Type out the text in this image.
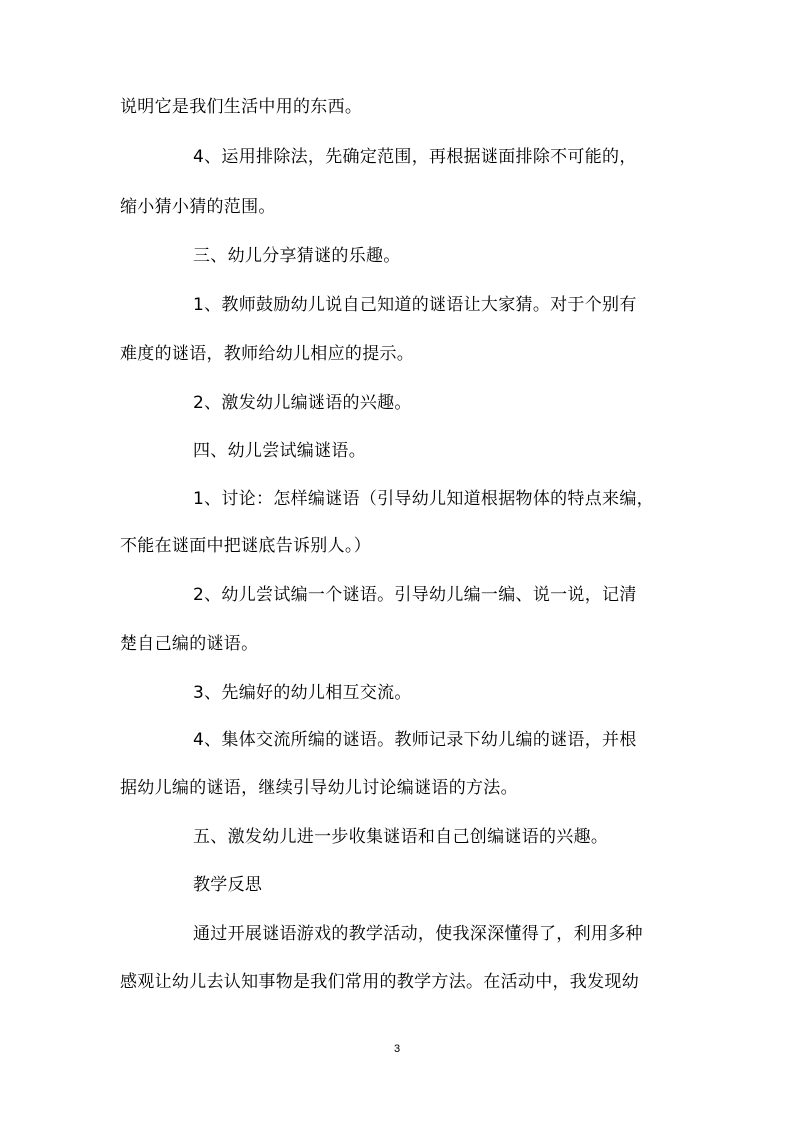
说明它是我们生活中用的东西。
4、运用排除法，先确定范围，再根据谜面排除不可能的，
缩小猜小猜的范围。
三、幼儿分享猜谜的乐趣。
1、教师鼓励幼儿说自己知道的谜语让大家猜。对于个别有
难度的谜语，教师给幼儿相应的提示。
2、激发幼儿编谜语的兴趣。
四、幼儿尝试编谜语。
1、讨论：怎样编谜语（引导幼儿知道根据物体的特点来编，
不能在谜面中把谜底告诉别人。）
2、幼儿尝试编一个谜语。引导幼儿编一编、说一说，记清
楚自己编的谜语。
3、先编好的幼儿相互交流。
4、集体交流所编的谜语。教师记录下幼儿编的谜语，并根
据幼儿编的谜语，继续引导幼儿讨论编谜语的方法。
五、激发幼儿进一步收集谜语和自己创编谜语的兴趣。
教学反思
通过开展谜语游戏的教学活动，使我深深懂得了，利用多种
感观让幼儿去认知事物是我们常用的教学方法。在活动中，我发现幼
3
